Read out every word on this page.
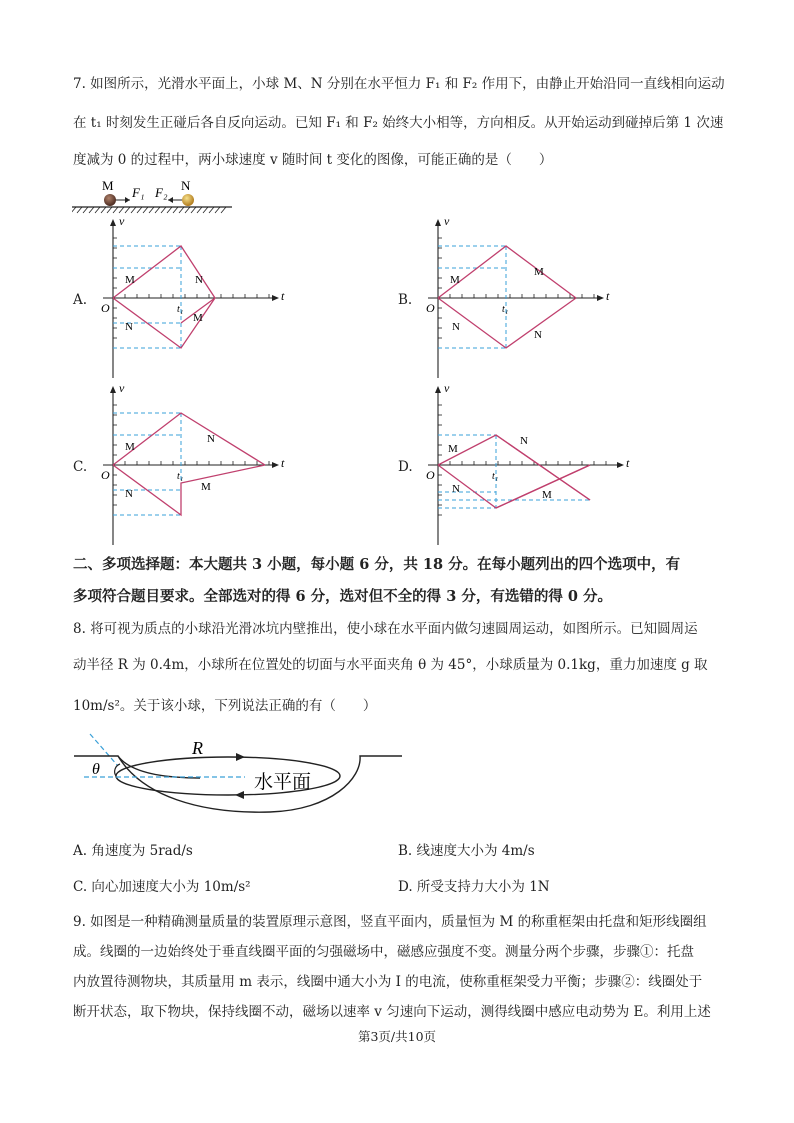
7. 如图所示，光滑水平面上，小球 M、N 分别在水平恒力 F₁ 和 F₂ 作用下，由静止开始沿同一直线相向运动
在 t₁ 时刻发生正碰后各自反向运动。已知 F₁ 和 F₂ 始终大小相等，方向相反。从开始运动到碰掉后第 1 次速
度减为 0 的过程中，两小球速度 v 随时间 t 变化的图像，可能正确的是（　　）
M	N
F₁ F₂
A.	B.
C.	D.
v
t
O	t₁
M
N
M
N
v
t
O	t₁
M
N
M
N
v
t
O	t₁
M
N
M
N
v
t
O	t₁
M
N	M
N
二、多项选择题：本大题共 3 小题，每小题 6 分，共 18 分。在每小题列出的四个选项中，有
多项符合题目要求。全部选对的得 6 分，选对但不全的得 3 分，有选错的得 0 分。
8. 将可视为质点的小球沿光滑冰坑内壁推出，使小球在水平面内做匀速圆周运动，如图所示。已知圆周运
动半径 R 为 0.4m，小球所在位置处的切面与水平面夹角 θ 为 45°，小球质量为 0.1kg，重力加速度 g 取
10m/s²。关于该小球，下列说法正确的有（　　）
R
θ
水平面
A. 角速度为 5rad/s	B. 线速度大小为 4m/s
C. 向心加速度大小为 10m/s²	D. 所受支持力大小为 1N
9. 如图是一种精确测量质量的装置原理示意图，竖直平面内，质量恒为 M 的称重框架由托盘和矩形线圈组
成。线圈的一边始终处于垂直线圈平面的匀强磁场中，磁感应强度不变。测量分两个步骤，步骤①：托盘
内放置待测物块，其质量用 m 表示，线圈中通大小为 I 的电流，使称重框架受力平衡；步骤②：线圈处于
断开状态，取下物块，保持线圈不动，磁场以速率 v 匀速向下运动，测得线圈中感应电动势为 E。利用上述
第3页/共10页
